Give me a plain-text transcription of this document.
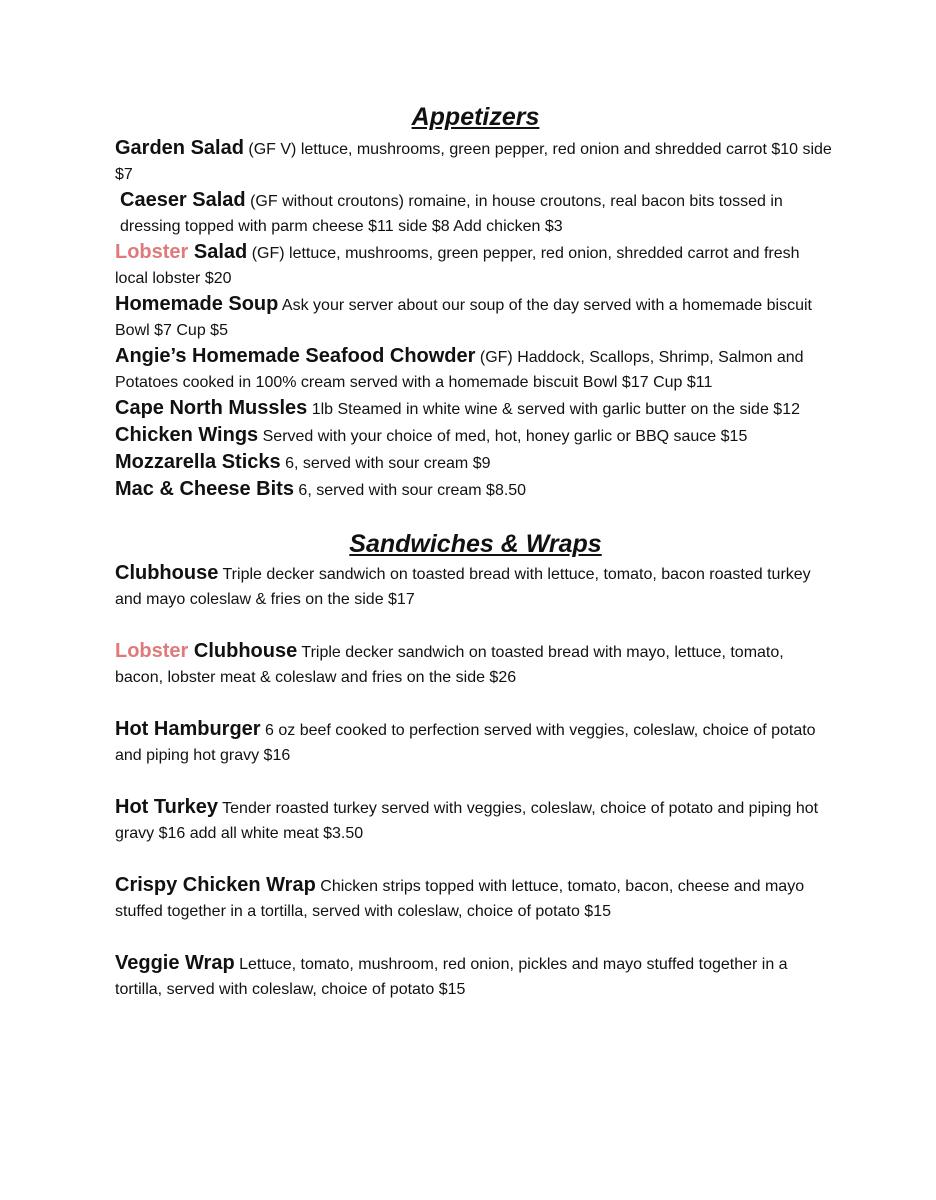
Appetizers

Garden Salad (GF V) lettuce, mushrooms, green pepper, red onion and shredded carrot $10 side $7

Caeser Salad (GF without croutons) romaine, in house croutons, real bacon bits tossed in dressing topped with parm cheese $11 side $8 Add chicken $3

Lobster Salad (GF) lettuce, mushrooms, green pepper, red onion, shredded carrot and fresh local lobster $20

Homemade Soup Ask your server about our soup of the day served with a homemade biscuit Bowl $7 Cup $5

Angie’s Homemade Seafood Chowder (GF) Haddock, Scallops, Shrimp, Salmon and Potatoes cooked in 100% cream served with a homemade biscuit Bowl $17 Cup $11

Cape North Mussles 1lb Steamed in white wine & served with garlic butter on the side $12

Chicken Wings Served with your choice of med, hot, honey garlic or BBQ sauce $15

Mozzarella Sticks 6, served with sour cream $9

Mac & Cheese Bits 6, served with sour cream $8.50

Sandwiches & Wraps

Clubhouse Triple decker sandwich on toasted bread with lettuce, tomato, bacon roasted turkey and mayo coleslaw & fries on the side $17

Lobster Clubhouse Triple decker sandwich on toasted bread with mayo, lettuce, tomato, bacon, lobster meat & coleslaw and fries on the side $26

Hot Hamburger 6 oz beef cooked to perfection served with veggies, coleslaw, choice of potato and piping hot gravy $16

Hot Turkey Tender roasted turkey served with veggies, coleslaw, choice of potato and piping hot gravy $16 add all white meat $3.50

Crispy Chicken Wrap Chicken strips topped with lettuce, tomato, bacon, cheese and mayo stuffed together in a tortilla, served with coleslaw, choice of potato $15

Veggie Wrap Lettuce, tomato, mushroom, red onion, pickles and mayo stuffed together in a tortilla, served with coleslaw, choice of potato $15
